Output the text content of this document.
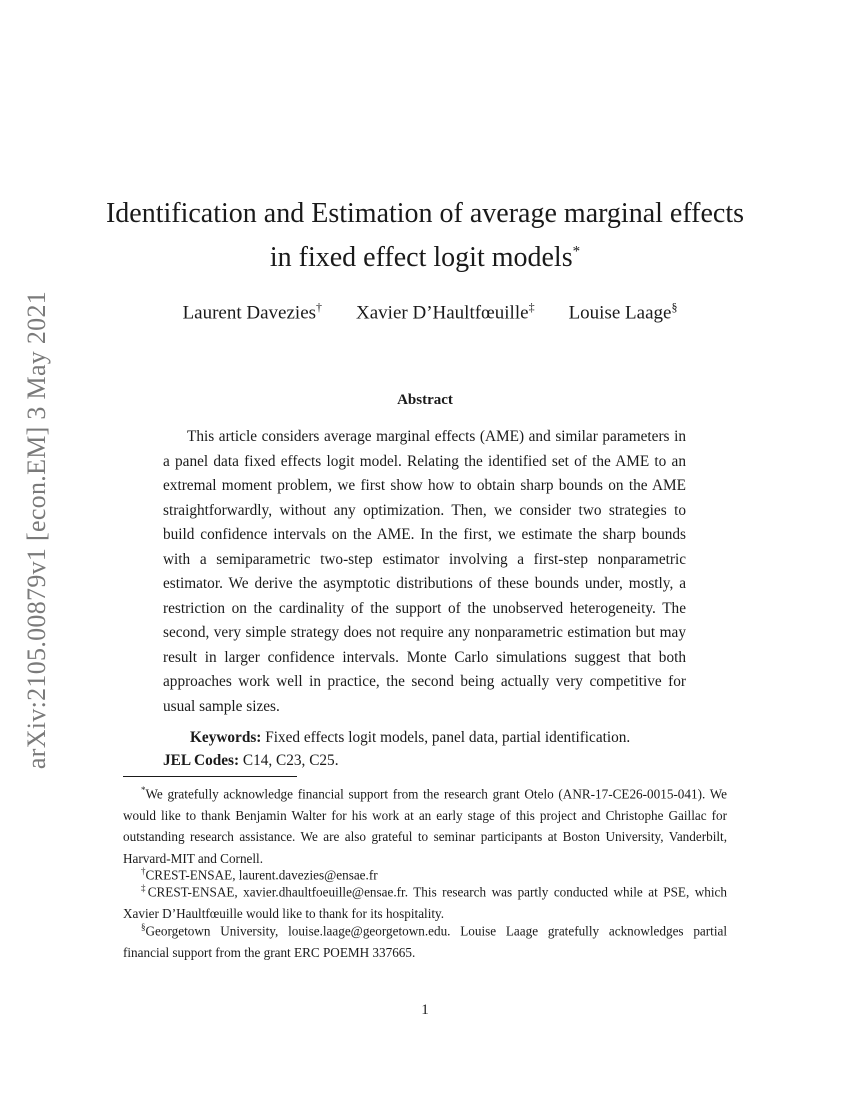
arXiv:2105.00879v1 [econ.EM] 3 May 2021
Identification and Estimation of average marginal effects in fixed effect logit models*
Laurent Davezies† Xavier D’Haultfœuille‡ Louise Laage§
Abstract

This article considers average marginal effects (AME) and similar parameters in a panel data fixed effects logit model. Relating the identified set of the AME to an extremal moment problem, we first show how to obtain sharp bounds on the AME straightforwardly, without any optimization. Then, we consider two strategies to build confidence intervals on the AME. In the first, we estimate the sharp bounds with a semiparametric two-step estimator involving a first-step nonparametric estimator. We derive the asymptotic distributions of these bounds under, mostly, a restriction on the cardinality of the support of the unobserved heterogeneity. The second, very simple strategy does not require any nonparametric estimation but may result in larger confidence intervals. Monte Carlo simulations suggest that both approaches work well in practice, the second being actually very competitive for usual sample sizes.

Keywords: Fixed effects logit models, panel data, partial identification.
JEL Codes: C14, C23, C25.

*We gratefully acknowledge financial support from the research grant Otelo (ANR-17-CE26-0015-041). We would like to thank Benjamin Walter for his work at an early stage of this project and Christophe Gaillac for outstanding research assistance. We are also grateful to seminar participants at Boston University, Vanderbilt, Harvard-MIT and Cornell.

†CREST-ENSAE, laurent.davezies@ensae.fr

‡CREST-ENSAE, xavier.dhaultfoeuille@ensae.fr. This research was partly conducted while at PSE, which Xavier D’Haultfœuille would like to thank for its hospitality.

§Georgetown University, louise.laage@georgetown.edu. Louise Laage gratefully acknowledges partial financial support from the grant ERC POEMH 337665.

1
